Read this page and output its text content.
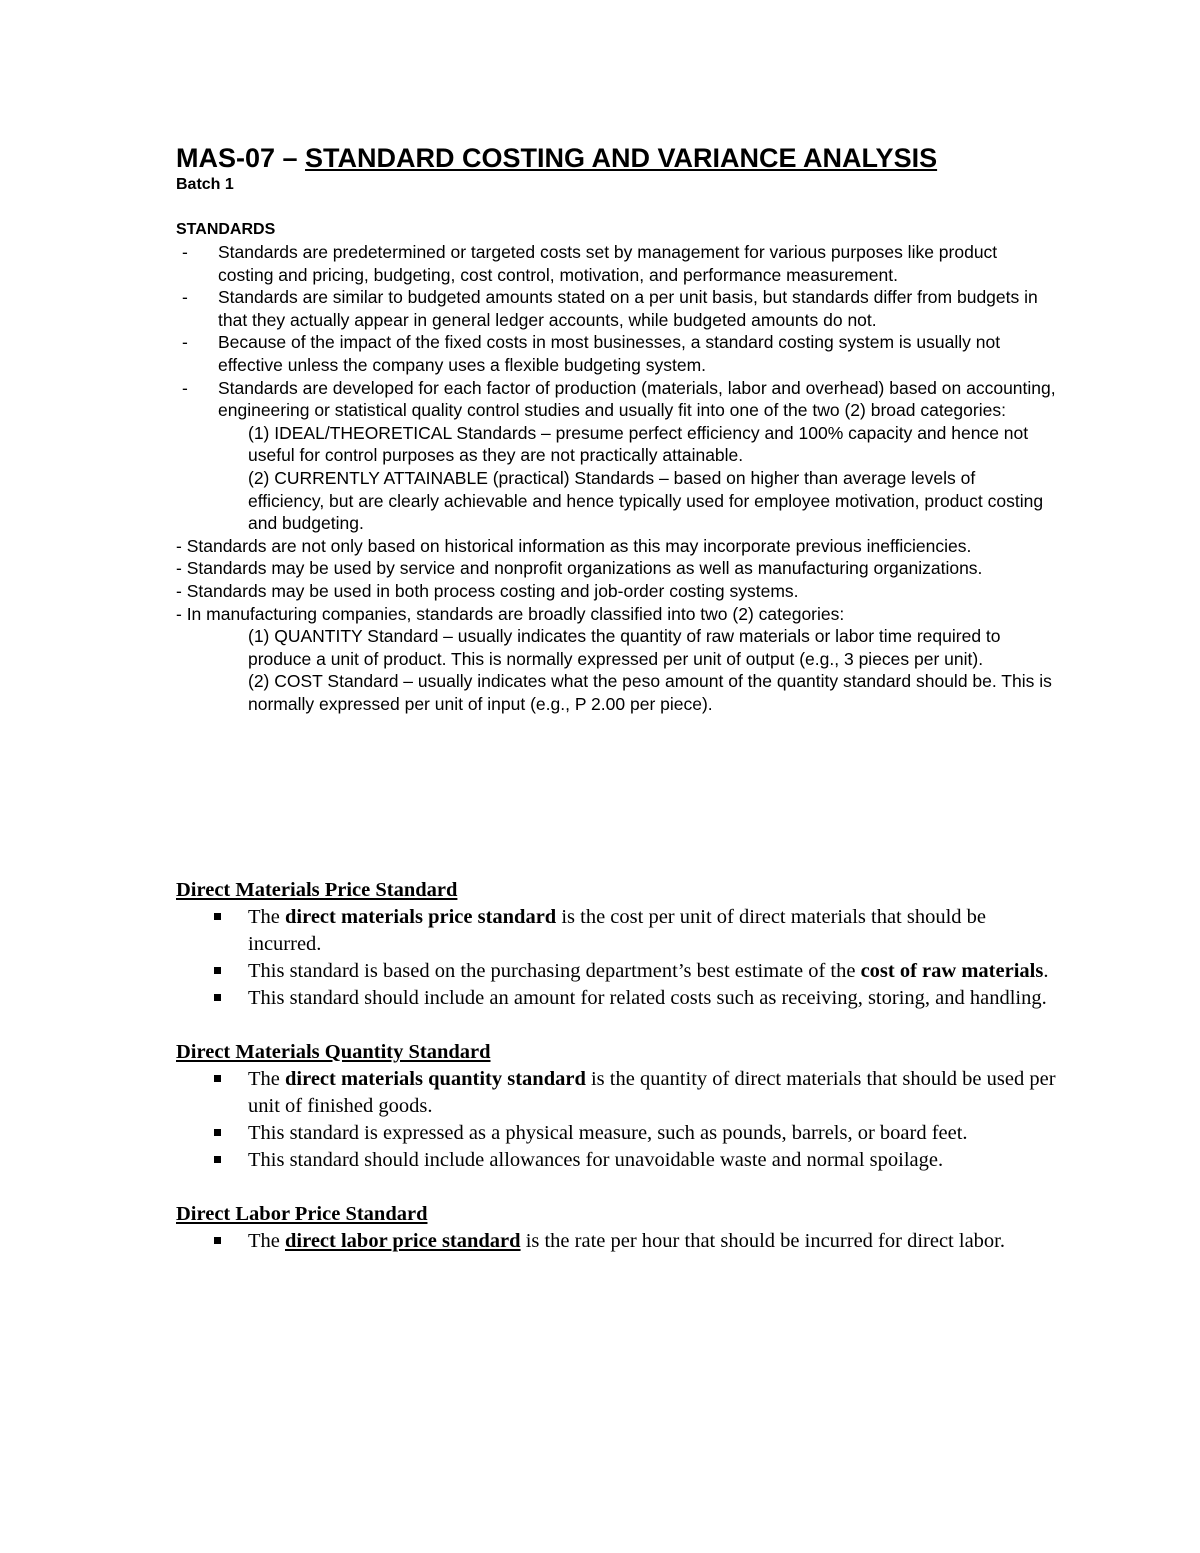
MAS-07 – STANDARD COSTING AND VARIANCE ANALYSIS
Batch 1
STANDARDS
- Standards are predetermined or targeted costs set by management for various purposes like product costing and pricing, budgeting, cost control, motivation, and performance measurement.
- Standards are similar to budgeted amounts stated on a per unit basis, but standards differ from budgets in that they actually appear in general ledger accounts, while budgeted amounts do not.
- Because of the impact of the fixed costs in most businesses, a standard costing system is usually not effective unless the company uses a flexible budgeting system.
- Standards are developed for each factor of production (materials, labor and overhead) based on accounting, engineering or statistical quality control studies and usually fit into one of the two (2) broad categories:
(1) IDEAL/THEORETICAL Standards – presume perfect efficiency and 100% capacity and hence not useful for control purposes as they are not practically attainable.
(2) CURRENTLY ATTAINABLE (practical) Standards – based on higher than average levels of efficiency, but are clearly achievable and hence typically used for employee motivation, product costing and budgeting.
- Standards are not only based on historical information as this may incorporate previous inefficiencies.
- Standards may be used by service and nonprofit organizations as well as manufacturing organizations.
- Standards may be used in both process costing and job-order costing systems.
- In manufacturing companies, standards are broadly classified into two (2) categories:
(1) QUANTITY Standard – usually indicates the quantity of raw materials or labor time required to produce a unit of product. This is normally expressed per unit of output (e.g., 3 pieces per unit).
(2) COST Standard – usually indicates what the peso amount of the quantity standard should be. This is normally expressed per unit of input (e.g., P 2.00 per piece).
Direct Materials Price Standard
The direct materials price standard is the cost per unit of direct materials that should be incurred.
This standard is based on the purchasing department’s best estimate of the cost of raw materials.
This standard should include an amount for related costs such as receiving, storing, and handling.
Direct Materials Quantity Standard
The direct materials quantity standard is the quantity of direct materials that should be used per unit of finished goods.
This standard is expressed as a physical measure, such as pounds, barrels, or board feet.
This standard should include allowances for unavoidable waste and normal spoilage.
Direct Labor Price Standard
The direct labor price standard is the rate per hour that should be incurred for direct labor.
